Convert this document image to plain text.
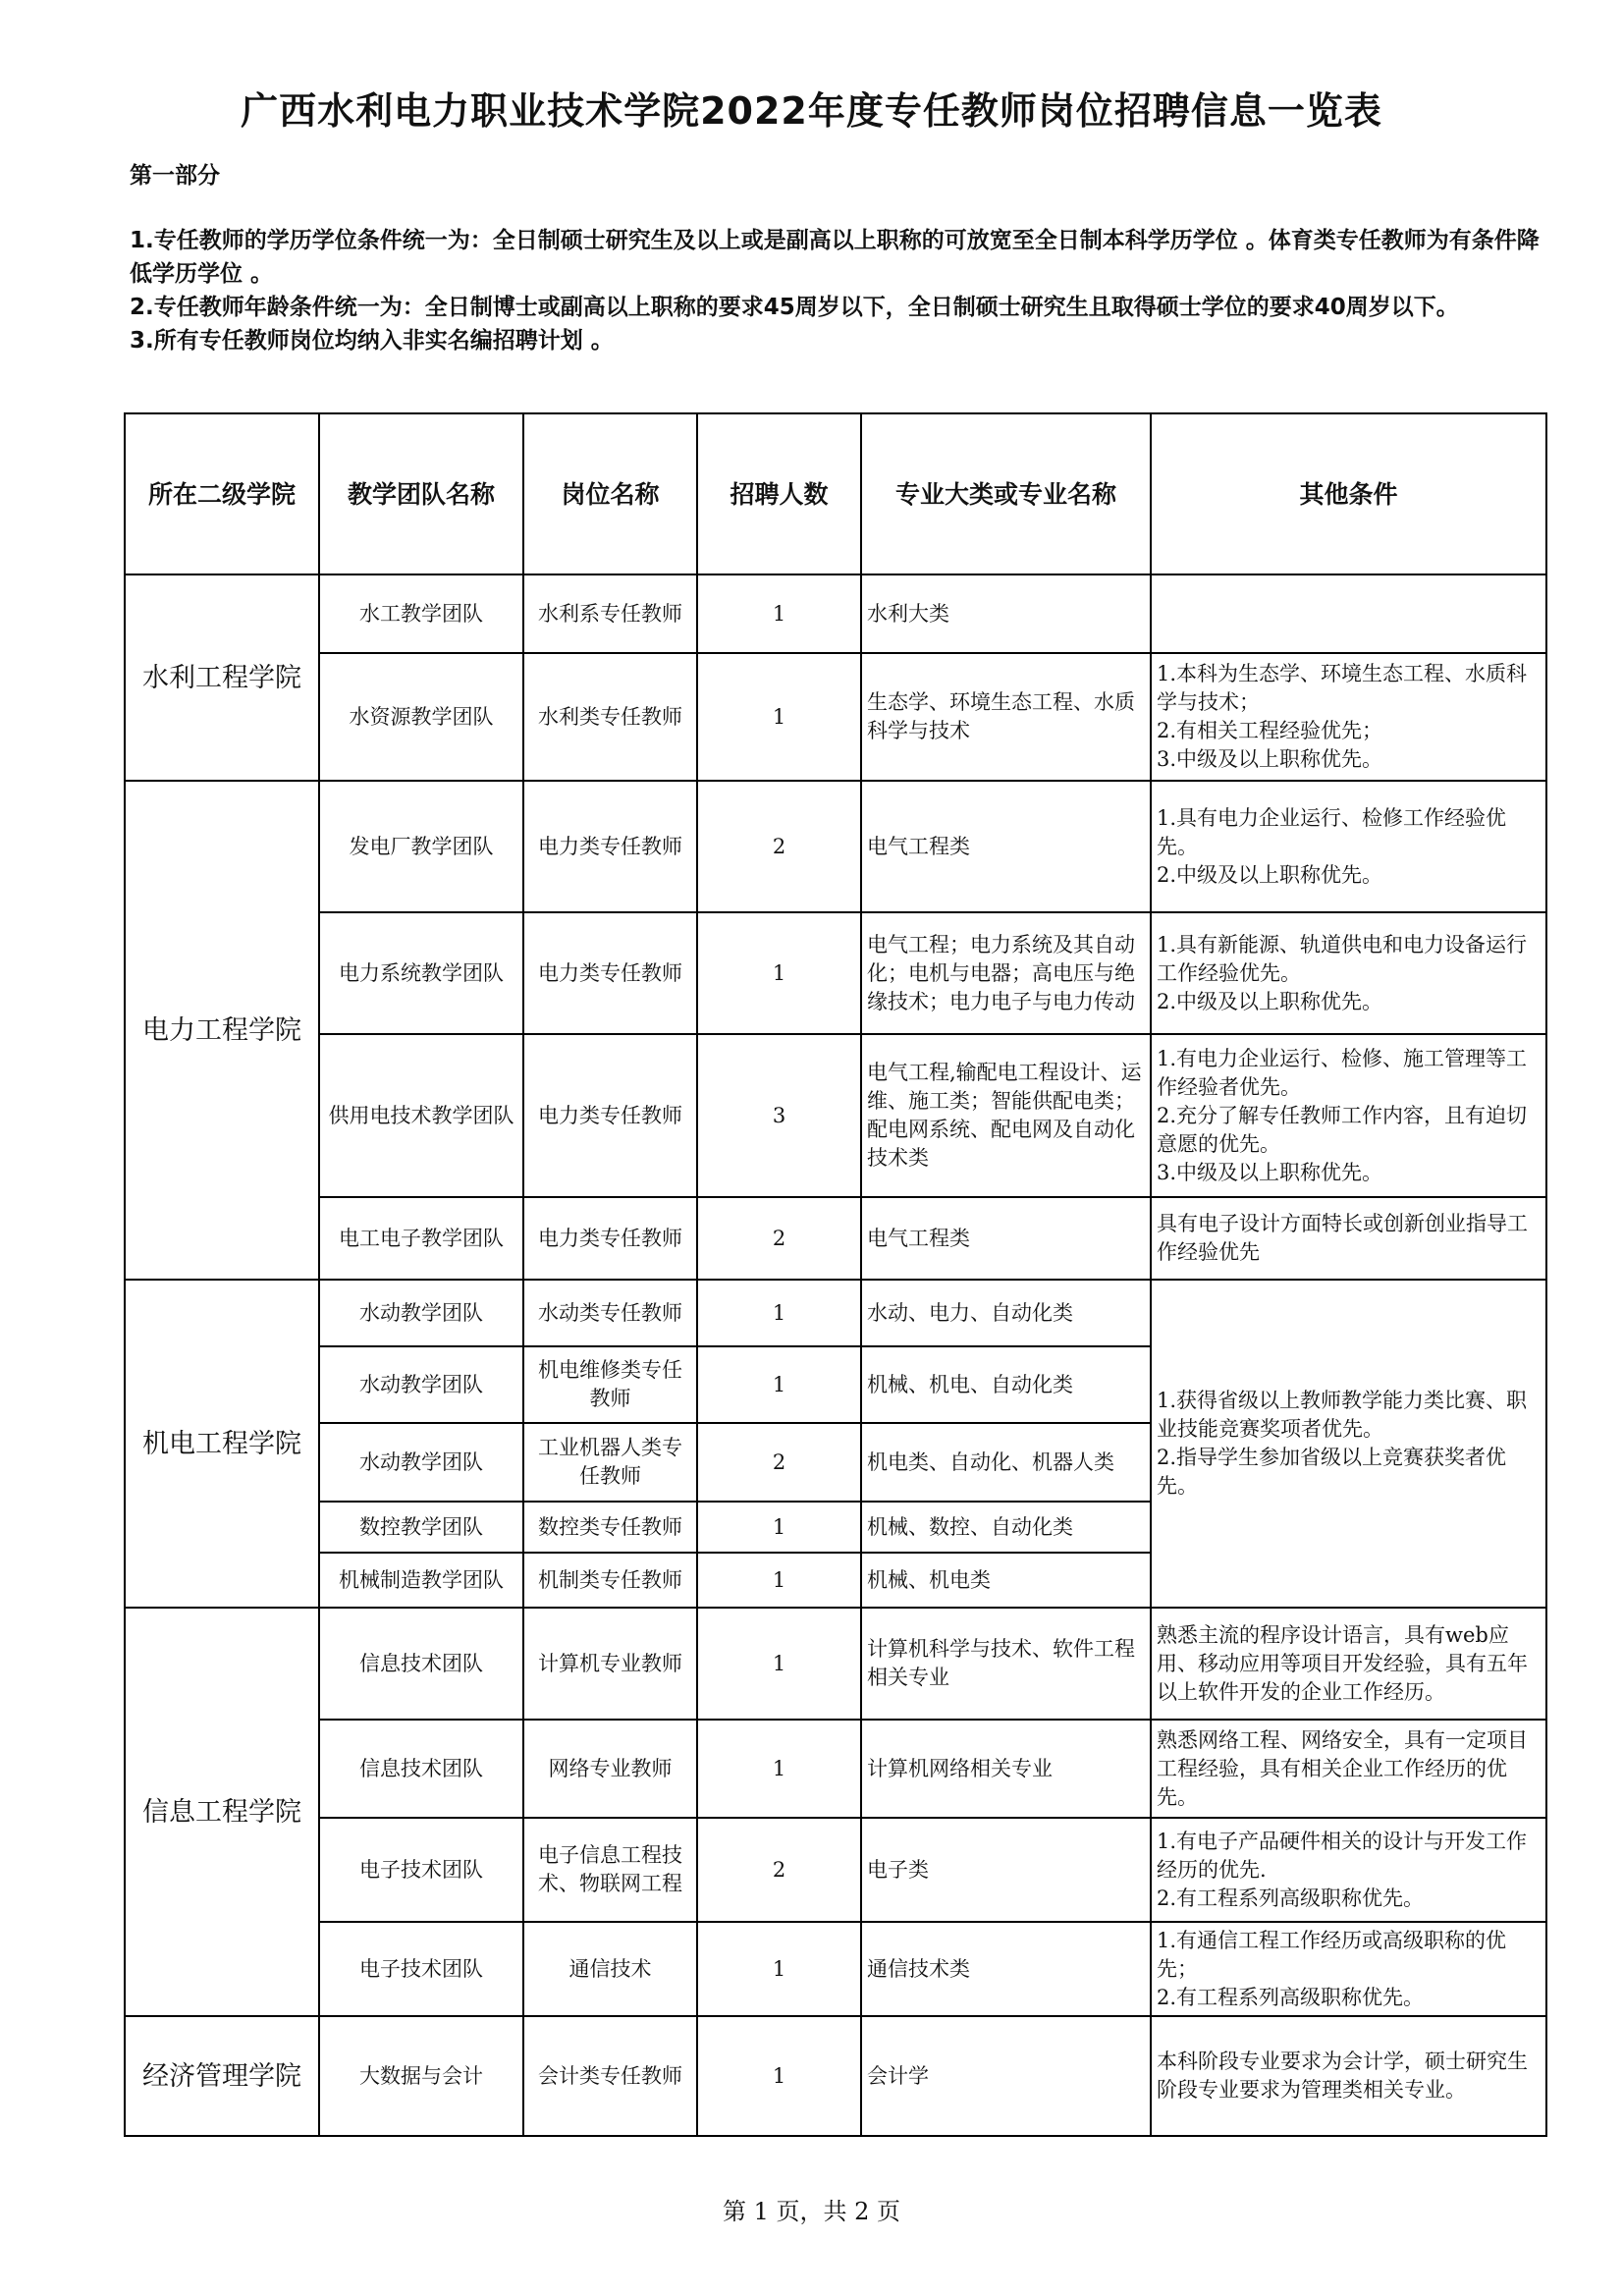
广西水利电力职业技术学院2022年度专任教师岗位招聘信息一览表
第一部分
1.专任教师的学历学位条件统一为：全日制硕士研究生及以上或是副高以上职称的可放宽至全日制本科学历学位 。体育类专任教师为有条件降低学历学位 。
2.专任教师年龄条件统一为：全日制博士或副高以上职称的要求45周岁以下，全日制硕士研究生且取得硕士学位的要求40周岁以下。
3.所有专任教师岗位均纳入非实名编招聘计划 。
所在二级学院	教学团队名称	岗位名称	招聘人数	专业大类或专业名称	其他条件
水利工程学院	水工教学团队	水利系专任教师	1	水利大类	
	水资源教学团队	水利类专任教师	1	生态学、环境生态工程、水质科学与技术	1.本科为生态学、环境生态工程、水质科学与技术；
2.有相关工程经验优先；
3.中级及以上职称优先。
电力工程学院	发电厂教学团队	电力类专任教师	2	电气工程类	1.具有电力企业运行、检修工作经验优先。
2.中级及以上职称优先。
	电力系统教学团队	电力类专任教师	1	电气工程；电力系统及其自动化；电机与电器；高电压与绝缘技术；电力电子与电力传动	1.具有新能源、轨道供电和电力设备运行工作经验优先。
2.中级及以上职称优先。
	供用电技术教学团队	电力类专任教师	3	电气工程,输配电工程设计、运维、施工类；智能供配电类；配电网系统、配电网及自动化技术类	1.有电力企业运行、检修、施工管理等工作经验者优先。
2.充分了解专任教师工作内容，且有迫切意愿的优先。
3.中级及以上职称优先。
	电工电子教学团队	电力类专任教师	2	电气工程类	具有电子设计方面特长或创新创业指导工作经验优先
机电工程学院	水动教学团队	水动类专任教师	1	水动、电力、自动化类	1.获得省级以上教师教学能力类比赛、职业技能竞赛奖项者优先。
2.指导学生参加省级以上竞赛获奖者优先。
	水动教学团队	机电维修类专任教师	1	机械、机电、自动化类	
	水动教学团队	工业机器人类专任教师	2	机电类、自动化、机器人类	
	数控教学团队	数控类专任教师	1	机械、数控、自动化类	
	机械制造教学团队	机制类专任教师	1	机械、机电类	
信息工程学院	信息技术团队	计算机专业教师	1	计算机科学与技术、软件工程相关专业	熟悉主流的程序设计语言，具有web应用、移动应用等项目开发经验，具有五年以上软件开发的企业工作经历。
	信息技术团队	网络专业教师	1	计算机网络相关专业	熟悉网络工程、网络安全，具有一定项目工程经验，具有相关企业工作经历的优先。
	电子技术团队	电子信息工程技术、物联网工程	2	电子类	1.有电子产品硬件相关的设计与开发工作经历的优先.
2.有工程系列高级职称优先。
	电子技术团队	通信技术	1	通信技术类	1.有通信工程工作经历或高级职称的优先；
2.有工程系列高级职称优先。
经济管理学院	大数据与会计	会计类专任教师	1	会计学	本科阶段专业要求为会计学，硕士研究生阶段专业要求为管理类相关专业。
第 1 页，共 2 页
